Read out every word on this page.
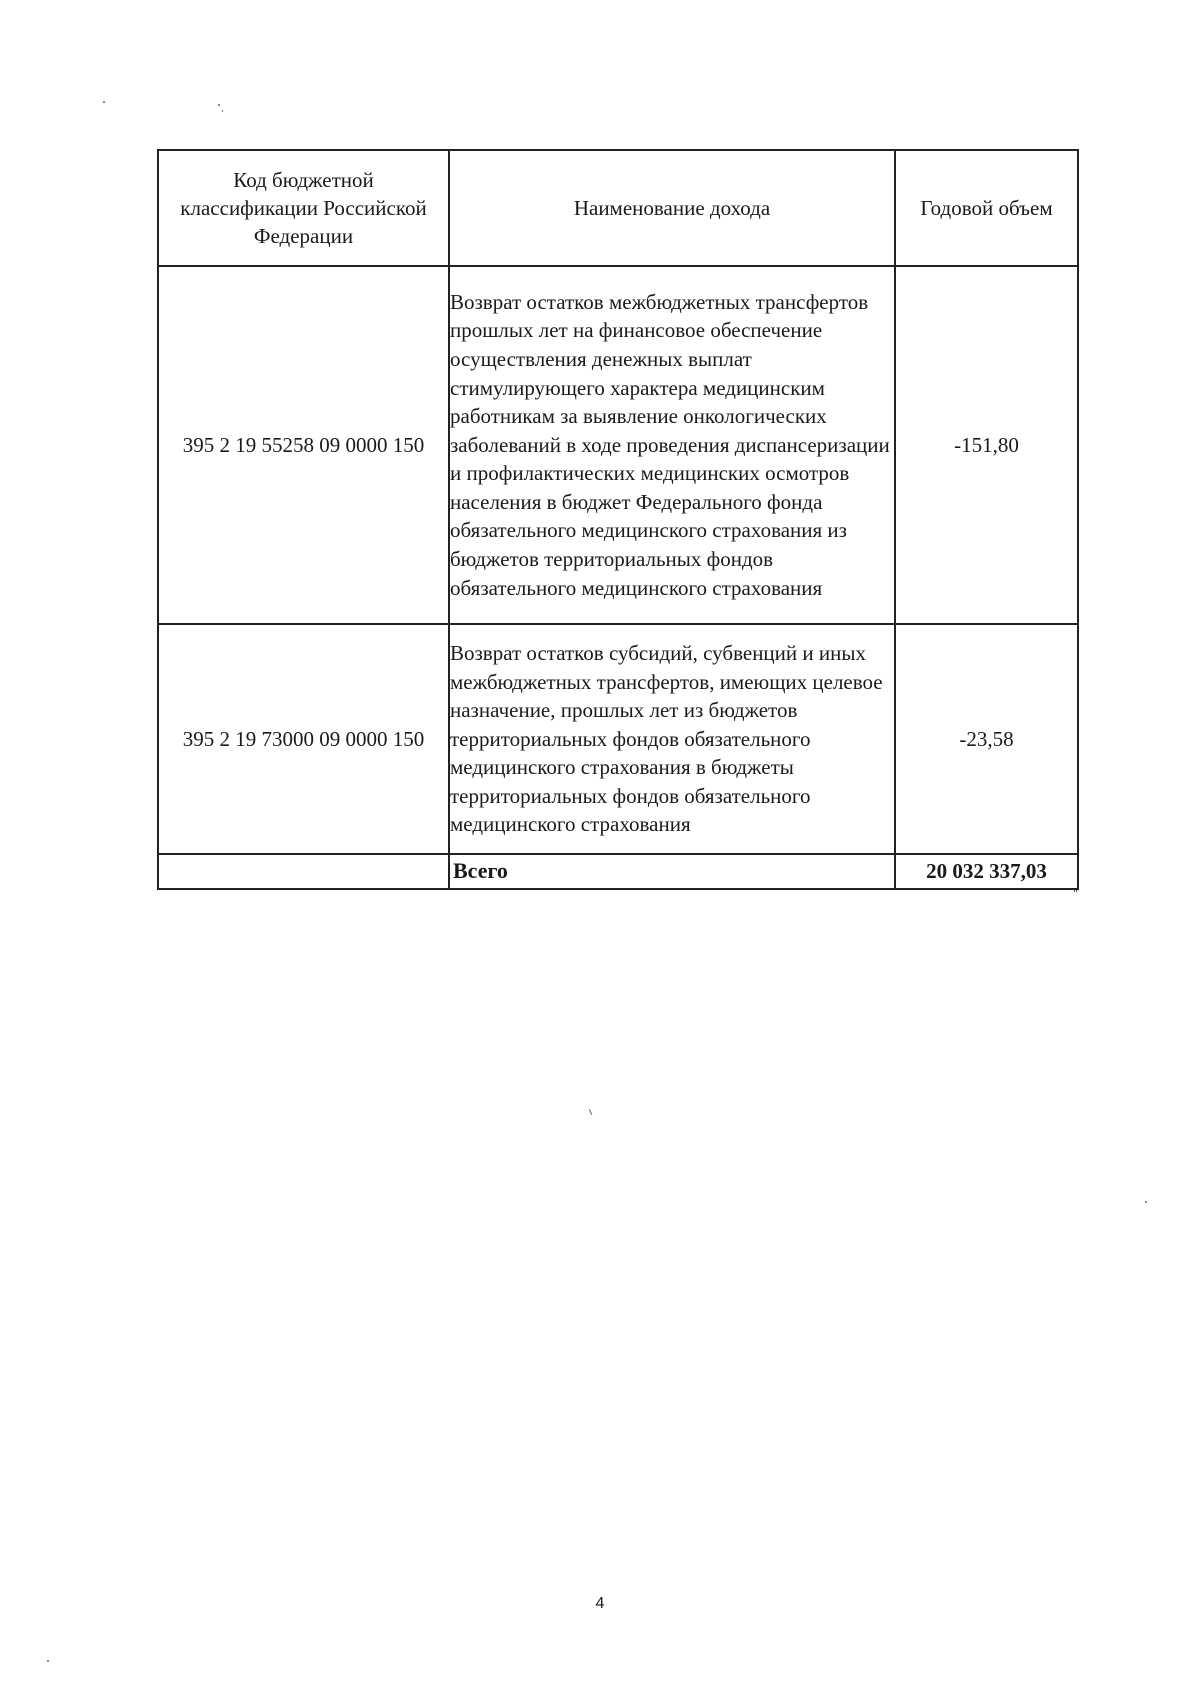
Код бюджетной классификации Российской Федерации	Наименование дохода	Годовой объем
395 2 19 55258 09 0000 150	Возврат остатков межбюджетных трансфертов прошлых лет на финансовое обеспечение осуществления денежных выплат стимулирующего характера медицинским работникам за выявление онкологических заболеваний в ходе проведения диспансеризации и профилактических медицинских осмотров населения в бюджет Федерального фонда обязательного медицинского страхования из бюджетов территориальных фондов обязательного медицинского страхования	-151,80
395 2 19 73000 09 0000 150	Возврат остатков субсидий, субвенций и иных межбюджетных трансфертов, имеющих целевое назначение, прошлых лет из бюджетов территориальных фондов обязательного медицинского страхования в бюджеты территориальных фондов обязательного медицинского страхования	-23,58
	Всего	20 032 337,03
"
4
